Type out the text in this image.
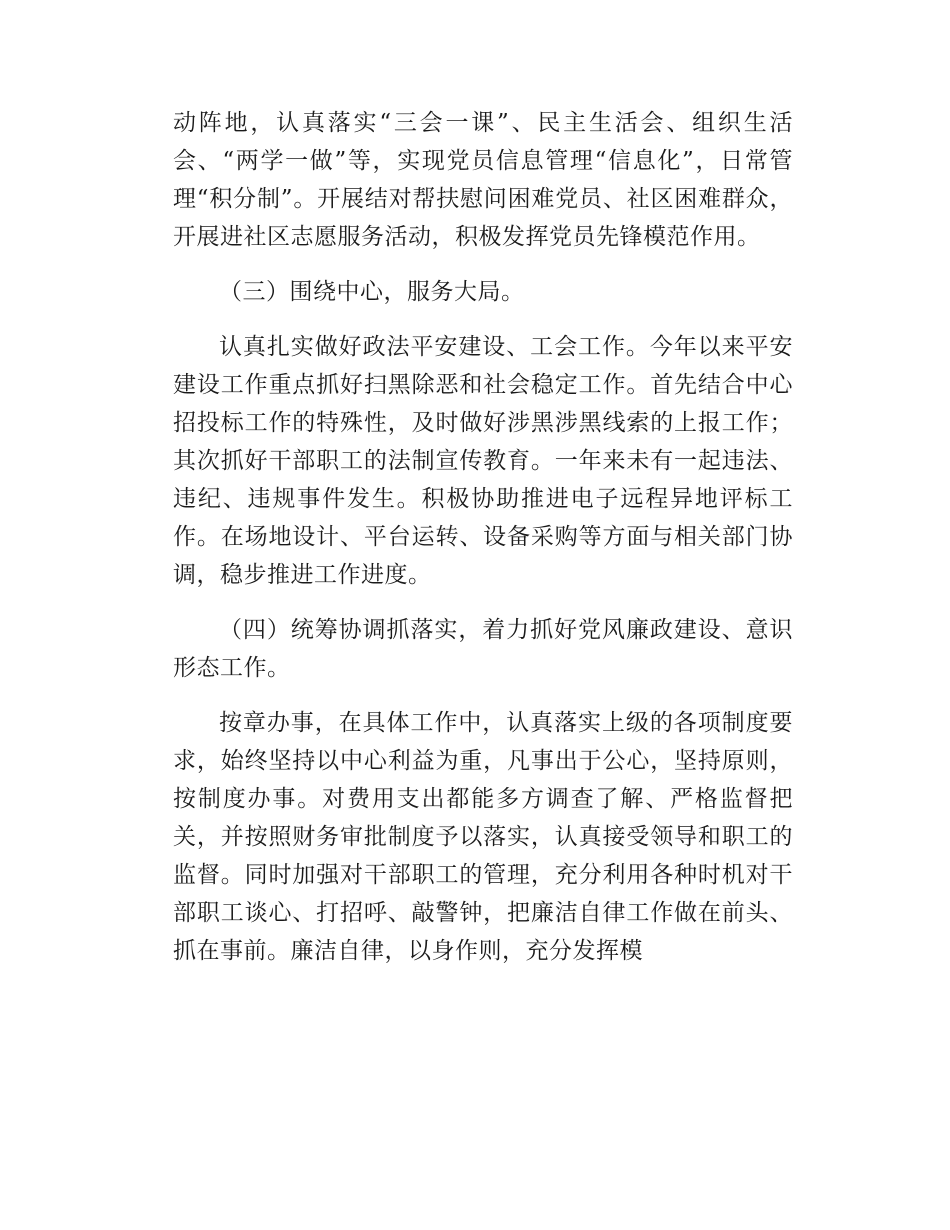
动阵地，认真落实“三会一课”、民主生活会、组织生活会、“两学一做”等，实现党员信息管理“信息化”，日常管理“积分制”。开展结对帮扶慰问困难党员、社区困难群众，开展进社区志愿服务活动，积极发挥党员先锋模范作用。

（三）围绕中心，服务大局。

认真扎实做好政法平安建设、工会工作。今年以来平安建设工作重点抓好扫黑除恶和社会稳定工作。首先结合中心招投标工作的特殊性，及时做好涉黑涉黑线索的上报工作；其次抓好干部职工的法制宣传教育。一年来未有一起违法、违纪、违规事件发生。积极协助推进电子远程异地评标工作。在场地设计、平台运转、设备采购等方面与相关部门协调，稳步推进工作进度。

（四）统筹协调抓落实，着力抓好党风廉政建设、意识形态工作。

按章办事，在具体工作中，认真落实上级的各项制度要求，始终坚持以中心利益为重，凡事出于公心，坚持原则，按制度办事。对费用支出都能多方调查了解、严格监督把关，并按照财务审批制度予以落实，认真接受领导和职工的监督。同时加强对干部职工的管理，充分利用各种时机对干部职工谈心、打招呼、敲警钟，把廉洁自律工作做在前头、抓在事前。廉洁自律，以身作则，充分发挥模
